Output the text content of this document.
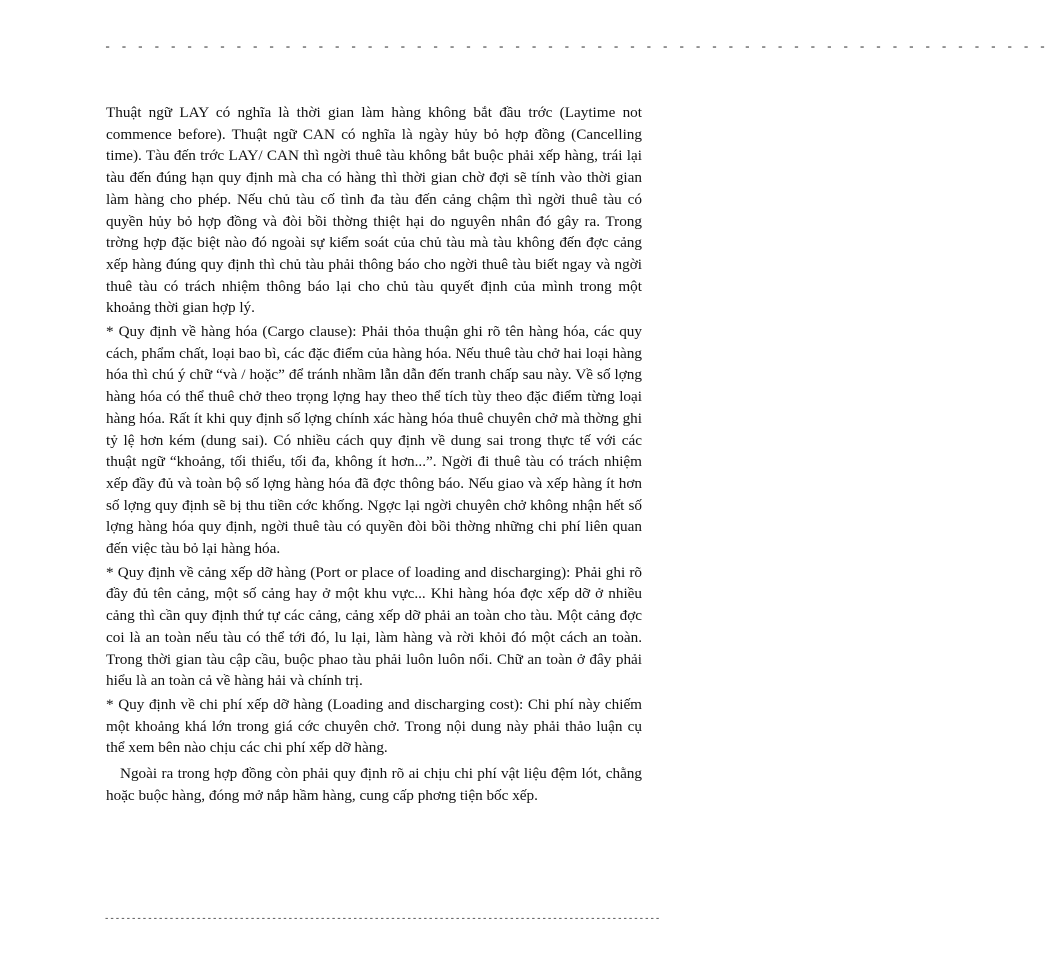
- - - - - - - - - - - - - - - - - - - - - - - - - - - - - - - - - - - - - - - - - - - - - - - - - - - - - - - - - -

Thuật ngữ LAY có nghĩa là thời gian làm hàng không bắt đầu trớc (Laytime not commence before). Thuật ngữ CAN có nghĩa là ngày hủy bỏ hợp đồng (Cancelling time). Tàu đến trớc LAY/ CAN thì ngời thuê tàu không bắt buộc phải xếp hàng, trái lại tàu đến đúng hạn quy định mà cha có hàng thì thời gian chờ đợi sẽ tính vào thời gian làm hàng cho phép. Nếu chủ tàu cố tình đa tàu đến cảng chậm thì ngời thuê tàu có quyền hủy bỏ hợp đồng và đòi bồi thờng thiệt hại do nguyên nhân đó gây ra. Trong trờng hợp đặc biệt nào đó ngoài sự kiểm soát của chủ tàu mà tàu không đến đợc cảng xếp hàng đúng quy định thì chủ tàu phải thông báo cho ngời thuê tàu biết ngay và ngời thuê tàu có trách nhiệm thông báo lại cho chủ tàu quyết định của mình trong một khoảng thời gian hợp lý.

* Quy định về hàng hóa (Cargo clause): Phải thỏa thuận ghi rõ tên hàng hóa, các quy cách, phẩm chất, loại bao bì, các đặc điểm của hàng hóa. Nếu thuê tàu chở hai loại hàng hóa thì chú ý chữ “và / hoặc” để tránh nhầm lẫn dẫn đến tranh chấp sau này. Về số lợng hàng hóa có thể thuê chở theo trọng lợng hay theo thể tích tùy theo đặc điểm từng loại hàng hóa. Rất ít khi quy định số lợng chính xác hàng hóa thuê chuyên chở mà thờng ghi tỷ lệ hơn kém (dung sai). Có nhiều cách quy định về dung sai trong thực tế với các thuật ngữ “khoảng, tối thiểu, tối đa, không ít hơn...”. Ngời đi thuê tàu có trách nhiệm xếp đầy đủ và toàn bộ số lợng hàng hóa đã đợc thông báo. Nếu giao và xếp hàng ít hơn số lợng quy định sẽ bị thu tiền cớc khống. Ngợc lại ngời chuyên chở không nhận hết số lợng hàng hóa quy định, ngời thuê tàu có quyền đòi bồi thờng những chi phí liên quan đến việc tàu bỏ lại hàng hóa.

* Quy định về cảng xếp dỡ hàng (Port or place of loading and discharging): Phải ghi rõ đầy đủ tên cảng, một số cảng hay ở một khu vực... Khi hàng hóa đợc xếp dỡ ở nhiều cảng thì cần quy định thứ tự các cảng, cảng xếp dỡ phải an toàn cho tàu. Một cảng đợc coi là an toàn nếu tàu có thể tới đó, lu lại, làm hàng và rời khỏi đó một cách an toàn. Trong thời gian tàu cập cầu, buộc phao tàu phải luôn luôn nổi. Chữ an toàn ở đây phải hiểu là an toàn cả về hàng hải và chính trị.

* Quy định về chi phí xếp dỡ hàng (Loading and discharging cost): Chi phí này chiếm một khoảng khá lớn trong giá cớc chuyên chở. Trong nội dung này phải thảo luận cụ thể xem bên nào chịu các chi phí xếp dỡ hàng.

Ngoài ra trong hợp đồng còn phải quy định rõ ai chịu chi phí vật liệu đệm lót, chằng hoặc buộc hàng, đóng mở nắp hầm hàng, cung cấp phơng tiện bốc xếp.

-------------------------------------------------------------------------------------------------------
